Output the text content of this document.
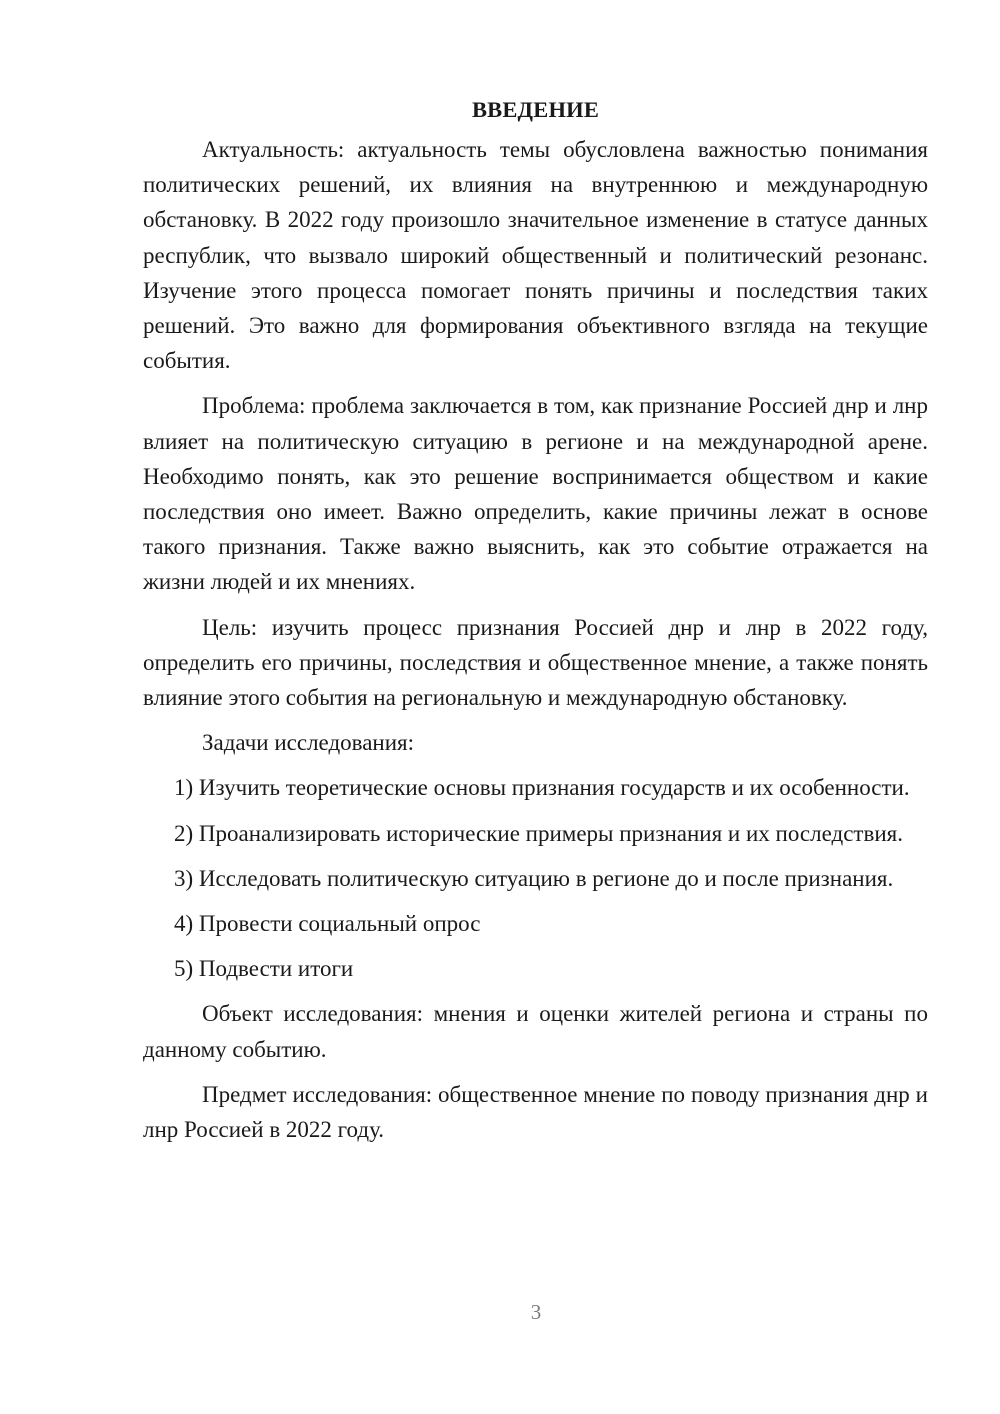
ВВЕДЕНИЕ

Актуальность: актуальность темы обусловлена важностью понимания политических решений, их влияния на внутреннюю и международную обстановку. В 2022 году произошло значительное изменение в статусе данных республик, что вызвало широкий общественный и политический резонанс. Изучение этого процесса помогает понять причины и последствия таких решений. Это важно для формирования объективного взгляда на текущие события.

Проблема: проблема заключается в том, как признание Россией днр и лнр влияет на политическую ситуацию в регионе и на международной арене. Необходимо понять, как это решение воспринимается обществом и какие последствия оно имеет. Важно определить, какие причины лежат в основе такого признания. Также важно выяснить, как это событие отражается на жизни людей и их мнениях.

Цель: изучить процесс признания Россией днр и лнр в 2022 году, определить его причины, последствия и общественное мнение, а также понять влияние этого события на региональную и международную обстановку.

Задачи исследования:

1) Изучить теоретические основы признания государств и их особенности.

2) Проанализировать исторические примеры признания и их последствия.

3) Исследовать политическую ситуацию в регионе до и после признания.

4) Провести социальный опрос

5) Подвести итоги

Объект исследования: мнения и оценки жителей региона и страны по данному событию.

Предмет исследования: общественное мнение по поводу признания днр и лнр Россией в 2022 году.

3
